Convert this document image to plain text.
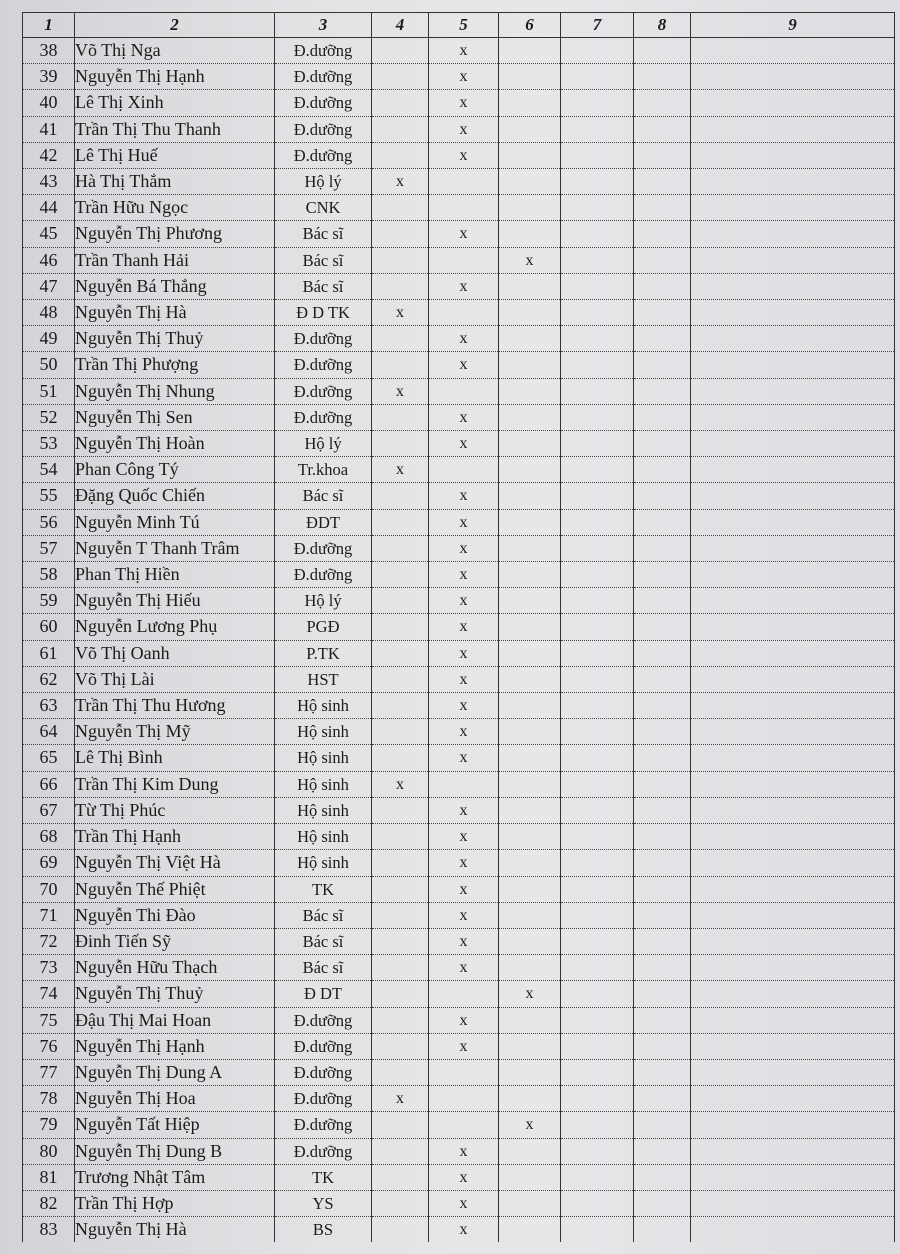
1	2	3	4	5	6	7	8	9
38	Võ Thị Nga	Đ.dưỡng		x				
39	Nguyễn Thị Hạnh	Đ.dưỡng		x				
40	Lê Thị Xinh	Đ.dưỡng		x				
41	Trần Thị Thu Thanh	Đ.dưỡng		x				
42	Lê Thị Huế	Đ.dưỡng		x				
43	Hà Thị Thắm	Hộ lý	x					
44	Trần Hữu Ngọc	CNK						
45	Nguyễn Thị Phương	Bác sĩ		x				
46	Trần Thanh Hải	Bác sĩ			x			
47	Nguyễn Bá Thắng	Bác sĩ		x				
48	Nguyễn Thị Hà	Đ D TK	x					
49	Nguyễn Thị Thuỷ	Đ.dưỡng		x				
50	Trần Thị Phượng	Đ.dưỡng		x				
51	Nguyễn Thị Nhung	Đ.dưỡng	x					
52	Nguyễn Thị Sen	Đ.dưỡng		x				
53	Nguyễn Thị Hoàn	Hộ lý		x				
54	Phan Công Tý	Tr.khoa	x					
55	Đặng Quốc Chiến	Bác sĩ		x				
56	Nguyễn Minh Tú	ĐDT		x				
57	Nguyễn T Thanh Trâm	Đ.dưỡng		x				
58	Phan Thị Hiền	Đ.dưỡng		x				
59	Nguyễn Thị Hiếu	Hộ lý		x				
60	Nguyễn Lương Phụ	PGĐ		x				
61	Võ Thị Oanh	P.TK		x				
62	Võ Thị Lài	HST		x				
63	Trần Thị Thu Hương	Hộ sinh		x				
64	Nguyễn Thị Mỹ	Hộ sinh		x				
65	Lê Thị Bình	Hộ sinh		x				
66	Trần Thị Kim Dung	Hộ sinh	x					
67	Từ Thị Phúc	Hộ sinh		x				
68	Trần Thị Hạnh	Hộ sinh		x				
69	Nguyễn Thị Việt Hà	Hộ sinh		x				
70	Nguyễn Thế Phiệt	TK		x				
71	Nguyễn Thi Đào	Bác sĩ		x				
72	Đinh Tiến Sỹ	Bác sĩ		x				
73	Nguyễn Hữu Thạch	Bác sĩ		x				
74	Nguyễn Thị Thuỷ	Đ DT			x			
75	Đậu Thị Mai Hoan	Đ.dưỡng		x				
76	Nguyễn Thị Hạnh	Đ.dưỡng		x				
77	Nguyễn Thị Dung A	Đ.dưỡng						
78	Nguyễn Thị Hoa	Đ.dưỡng	x					
79	Nguyễn Tất Hiệp	Đ.dưỡng			x			
80	Nguyễn Thị Dung B	Đ.dưỡng		x				
81	Trương Nhật Tâm	TK		x				
82	Trần Thị Hợp	YS		x				
83	Nguyễn Thị Hà	BS		x				
